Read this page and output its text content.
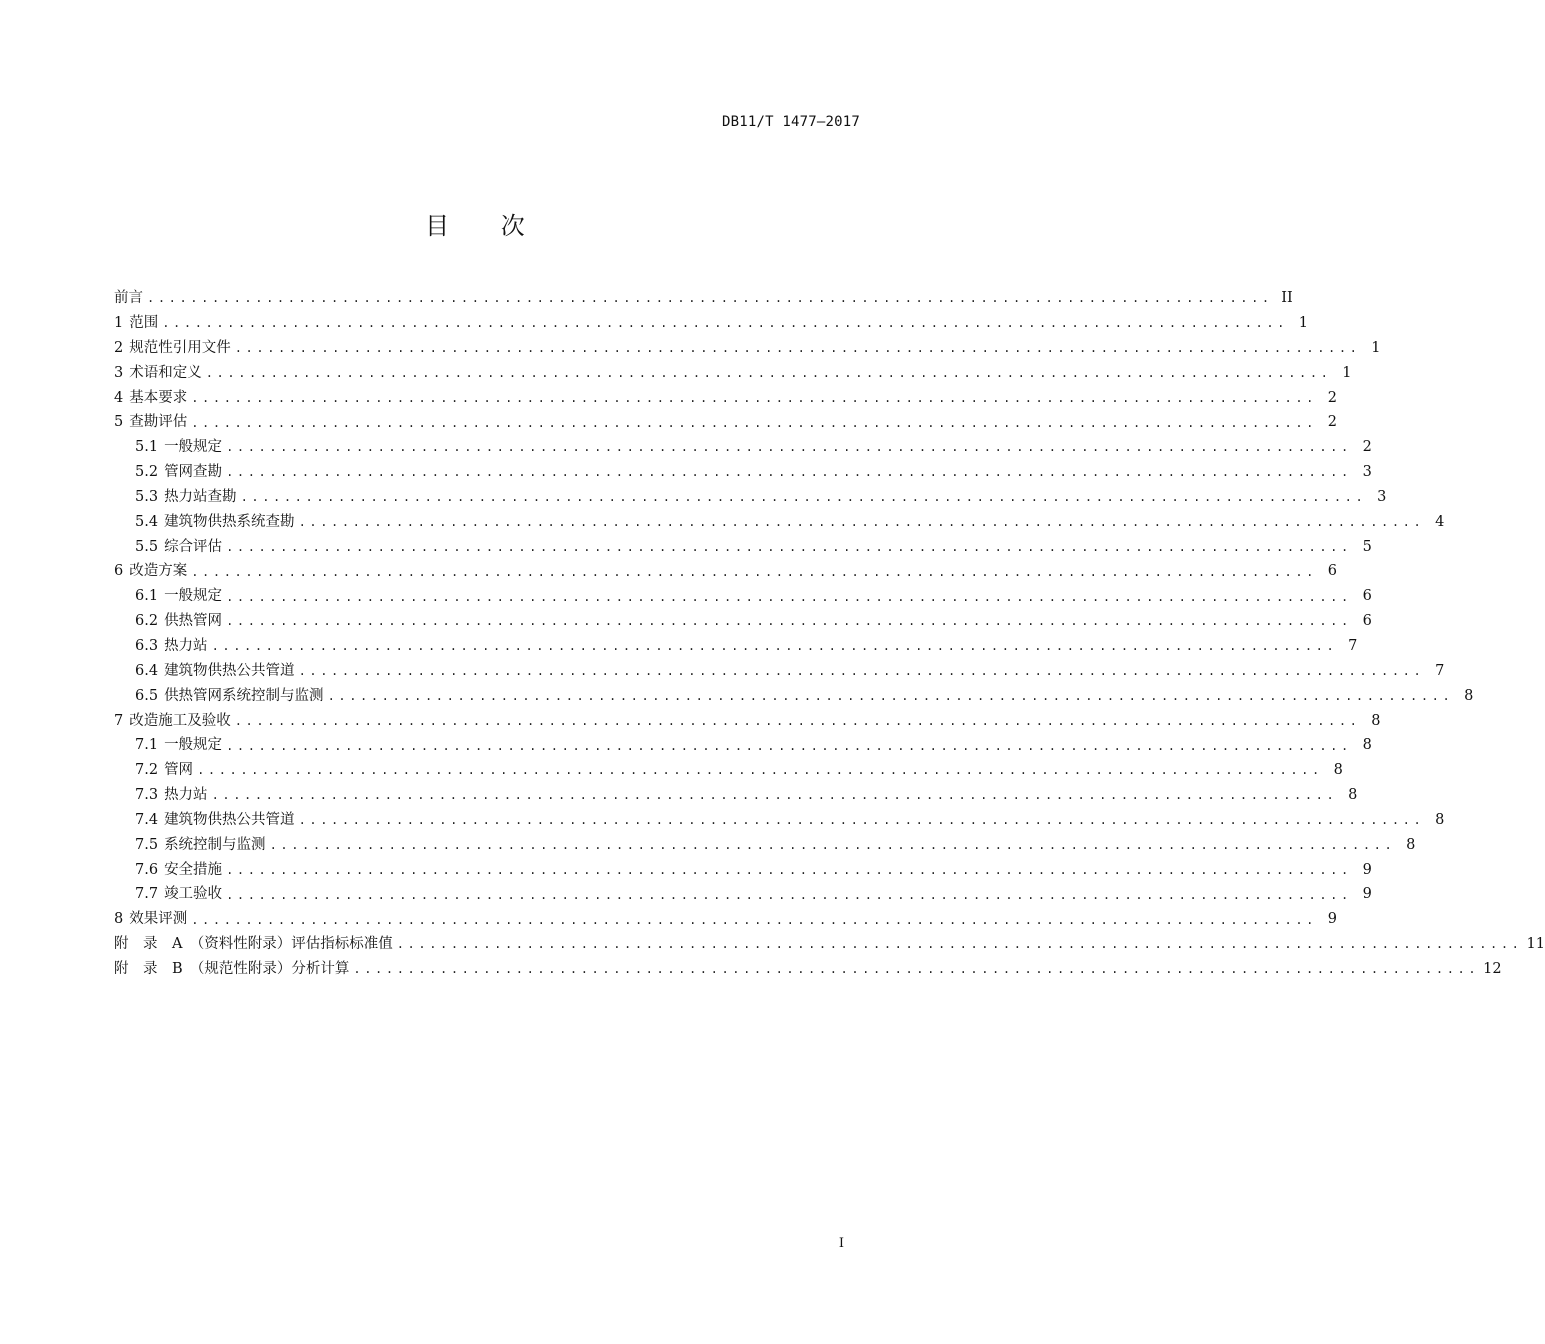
DB11/T 1477—2017
目 次
前言 ........................................................................................................ II
1 范围 ........................................................................................................ 1
2 规范性引用文件 ........................................................................................................ 1
3 术语和定义 ........................................................................................................ 1
4 基本要求 ........................................................................................................ 2
5 查勘评估 ........................................................................................................ 2
5.1 一般规定 ........................................................................................................ 2
5.2 管网查勘 ........................................................................................................ 3
5.3 热力站查勘 ........................................................................................................ 3
5.4 建筑物供热系统查勘 ........................................................................................................ 4
5.5 综合评估 ........................................................................................................ 5
6 改造方案 ........................................................................................................ 6
6.1 一般规定 ........................................................................................................ 6
6.2 供热管网 ........................................................................................................ 6
6.3 热力站 ........................................................................................................ 7
6.4 建筑物供热公共管道 ........................................................................................................ 7
6.5 供热管网系统控制与监测 ........................................................................................................ 8
7 改造施工及验收 ........................................................................................................ 8
7.1 一般规定 ........................................................................................................ 8
7.2 管网 ........................................................................................................ 8
7.3 热力站 ........................................................................................................ 8
7.4 建筑物供热公共管道 ........................................................................................................ 8
7.5 系统控制与监测 ........................................................................................................ 8
7.6 安全措施 ........................................................................................................ 9
7.7 竣工验收 ........................................................................................................ 9
8 效果评测 ........................................................................................................ 9
附　录　A　（资料性附录）评估指标标准值 ........................................................................................................ 11
附　录　B　（规范性附录）分析计算 ........................................................................................................ 12
I
